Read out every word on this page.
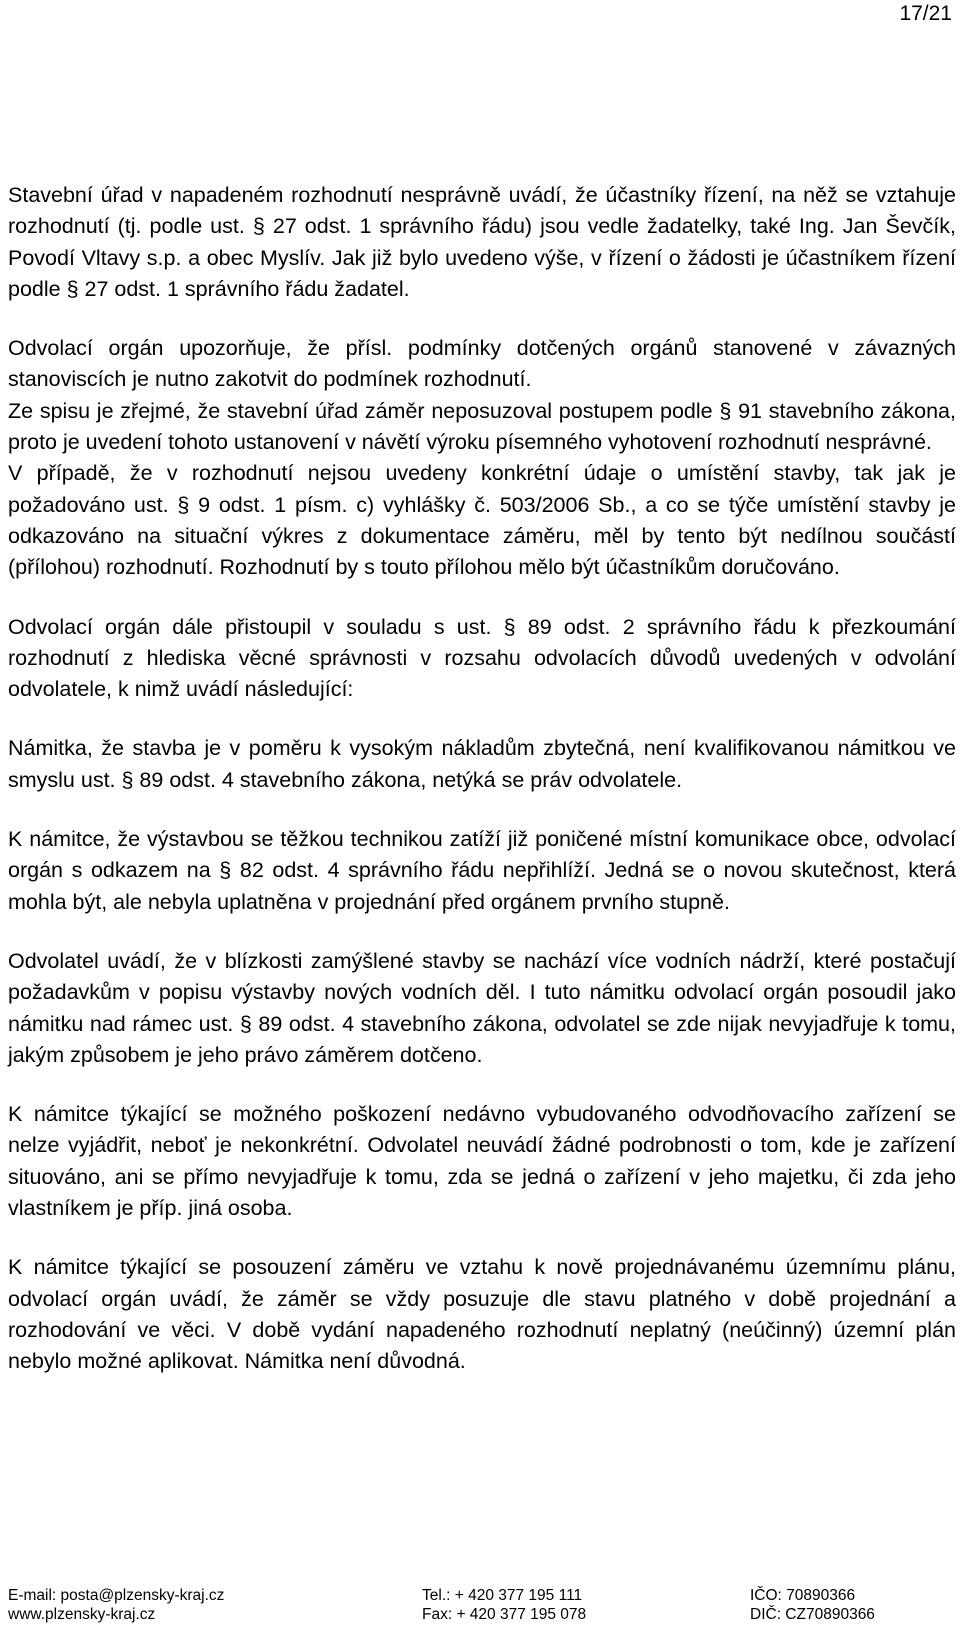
17/21

Stavební úřad v napadeném rozhodnutí nesprávně uvádí, že účastníky řízení, na něž se vztahuje rozhodnutí (tj. podle ust. § 27 odst. 1 správního řádu) jsou vedle žadatelky, také Ing. Jan Ševčík, Povodí Vltavy s.p. a obec Myslív. Jak již bylo uvedeno výše, v řízení o žádosti je účastníkem řízení podle § 27 odst. 1 správního řádu žadatel.

Odvolací orgán upozorňuje, že přísl. podmínky dotčených orgánů stanovené v závazných stanoviscích je nutno zakotvit do podmínek rozhodnutí.

Ze spisu je zřejmé, že stavební úřad záměr neposuzoval postupem podle § 91 stavebního zákona, proto je uvedení tohoto ustanovení v návětí výroku písemného vyhotovení rozhodnutí nesprávné.

V případě, že v rozhodnutí nejsou uvedeny konkrétní údaje o umístění stavby, tak jak je požadováno ust. § 9 odst. 1 písm. c) vyhlášky č. 503/2006 Sb., a co se týče umístění stavby je odkazováno na situační výkres z dokumentace záměru, měl by tento být nedílnou součástí (přílohou) rozhodnutí. Rozhodnutí by s touto přílohou mělo být účastníkům doručováno.

Odvolací orgán dále přistoupil v souladu s ust. § 89 odst. 2 správního řádu k přezkoumání rozhodnutí z hlediska věcné správnosti v rozsahu odvolacích důvodů uvedených v odvolání odvolatele, k nimž uvádí následující:

Námitka, že stavba je v poměru k vysokým nákladům zbytečná, není kvalifikovanou námitkou ve smyslu ust. § 89 odst. 4 stavebního zákona, netýká se práv odvolatele.

K námitce, že výstavbou se těžkou technikou zatíží již poničené místní komunikace obce, odvolací orgán s odkazem na § 82 odst. 4 správního řádu nepřihlíží. Jedná se o novou skutečnost, která mohla být, ale nebyla uplatněna v projednání před orgánem prvního stupně.

Odvolatel uvádí, že v blízkosti zamýšlené stavby se nachází více vodních nádrží, které postačují požadavkům v popisu výstavby nových vodních děl. I tuto námitku odvolací orgán posoudil jako námitku nad rámec ust. § 89 odst. 4 stavebního zákona, odvolatel se zde nijak nevyjadřuje k tomu, jakým způsobem je jeho právo záměrem dotčeno.

K námitce týkající se možného poškození nedávno vybudovaného odvodňovacího zařízení se nelze vyjádřit, neboť je nekonkrétní. Odvolatel neuvádí žádné podrobnosti o tom, kde je zařízení situováno, ani se přímo nevyjadřuje k tomu, zda se jedná o zařízení v jeho majetku, či zda jeho vlastníkem je příp. jiná osoba.

K námitce týkající se posouzení záměru ve vztahu k nově projednávanému územnímu plánu, odvolací orgán uvádí, že záměr se vždy posuzuje dle stavu platného v době projednání a rozhodování ve věci. V době vydání napadeného rozhodnutí neplatný (neúčinný) územní plán nebylo možné aplikovat. Námitka není důvodná.

E-mail: posta@plzensky-kraj.cz
www.plzensky-kraj.cz
Tel.: + 420 377 195 111
Fax: + 420 377 195 078
IČO: 70890366
DIČ: CZ70890366
